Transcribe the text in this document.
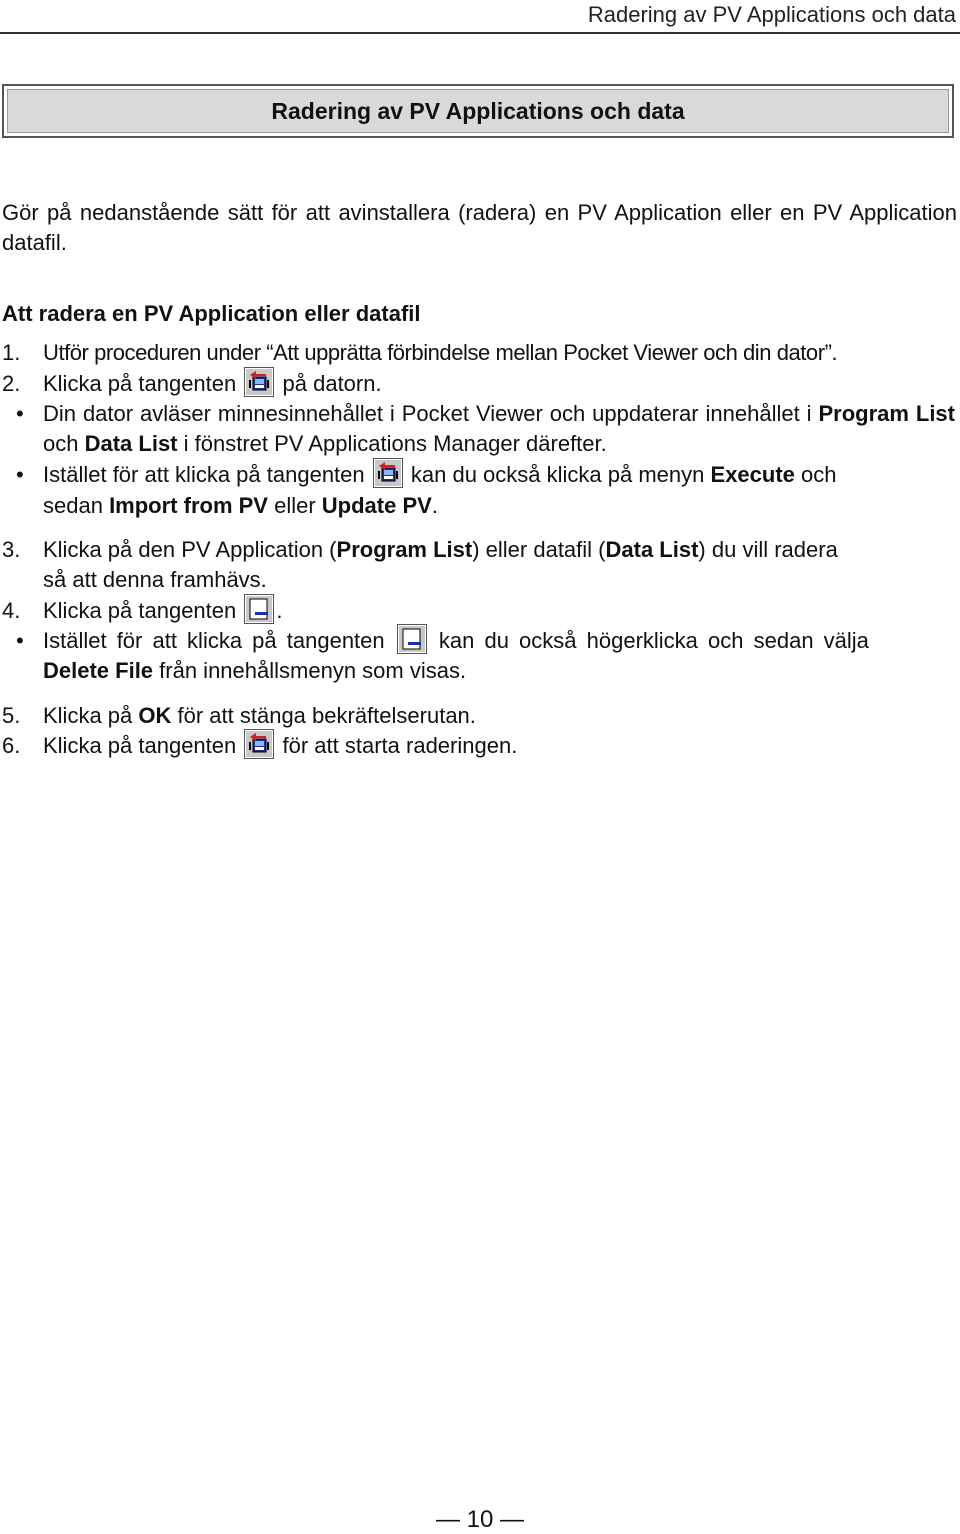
Radering av PV Applications och data
Radering av PV Applications och data
Gör på nedanstående sätt för att avinstallera (radera) en PV Application eller en PV Application datafil.
Att radera en PV Application eller datafil
1. Utför proceduren under “Att upprätta förbindelse mellan Pocket Viewer och din dator”.
2. Klicka på tangenten på datorn.
• Din dator avläser minnesinnehållet i Pocket Viewer och uppdaterar innehållet i Program List och Data List i fönstret PV Applications Manager därefter.
• Istället för att klicka på tangenten kan du också klicka på menyn Execute och
sedan Import from PV eller Update PV.
3. Klicka på den PV Application (Program List) eller datafil (Data List) du vill radera
så att denna framhävs.
4. Klicka på tangenten .
• Istället för att klicka på tangenten kan du också högerklicka och sedan välja
Delete File från innehållsmenyn som visas.
5. Klicka på OK för att stänga bekräftelserutan.
6. Klicka på tangenten för att starta raderingen.
— 10 —
